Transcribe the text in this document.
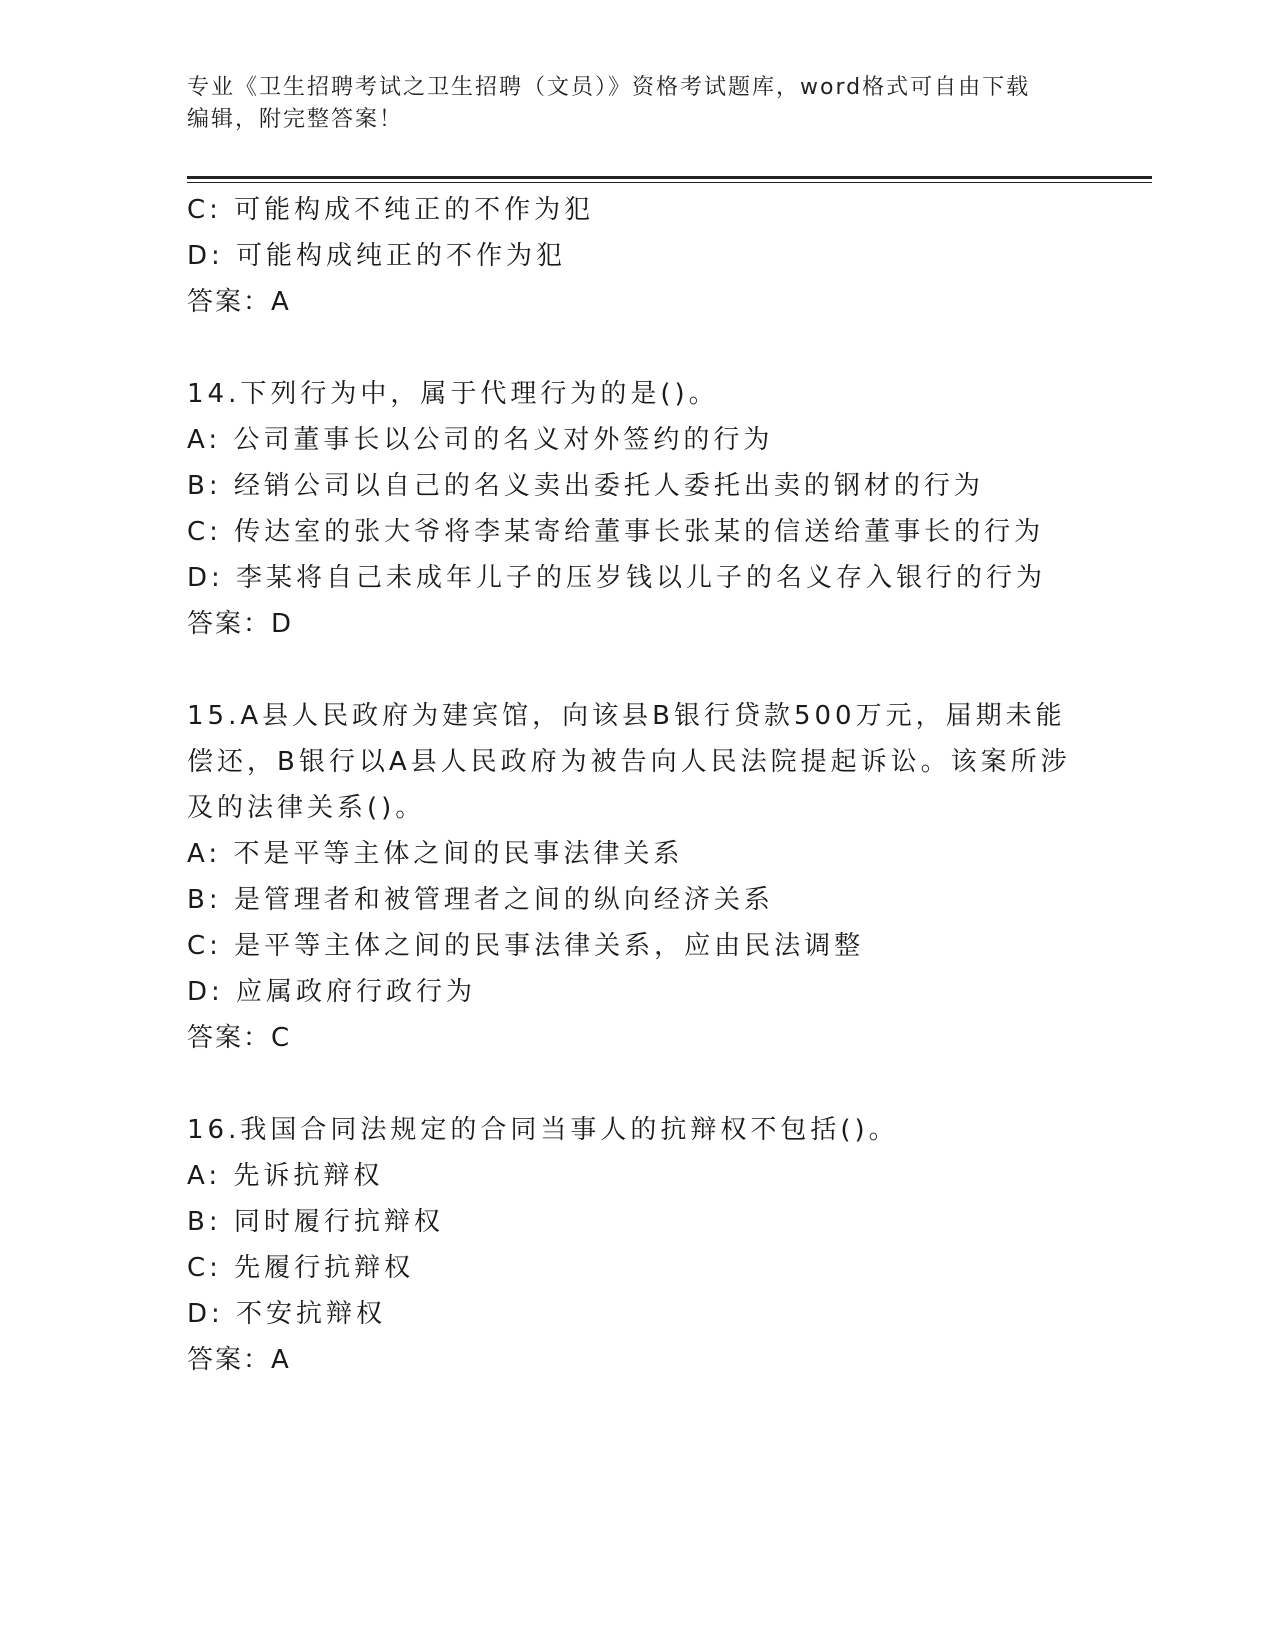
专业《卫生招聘考试之卫生招聘（文员）》资格考试题库，word格式可自由下载
编辑，附完整答案！
C: 可能构成不纯正的不作为犯
D: 可能构成纯正的不作为犯
答案：A
14.下列行为中，属于代理行为的是()。
A: 公司董事长以公司的名义对外签约的行为
B: 经销公司以自己的名义卖出委托人委托出卖的钢材的行为
C: 传达室的张大爷将李某寄给董事长张某的信送给董事长的行为
D: 李某将自己未成年儿子的压岁钱以儿子的名义存入银行的行为
答案：D
15.A县人民政府为建宾馆，向该县B银行贷款500万元，届期未能偿还，B银行以A县人民政府为被告向人民法院提起诉讼。该案所涉及的法律关系()。
A: 不是平等主体之间的民事法律关系
B: 是管理者和被管理者之间的纵向经济关系
C: 是平等主体之间的民事法律关系，应由民法调整
D: 应属政府行政行为
答案：C
16.我国合同法规定的合同当事人的抗辩权不包括()。
A: 先诉抗辩权
B: 同时履行抗辩权
C: 先履行抗辩权
D: 不安抗辩权
答案：A
